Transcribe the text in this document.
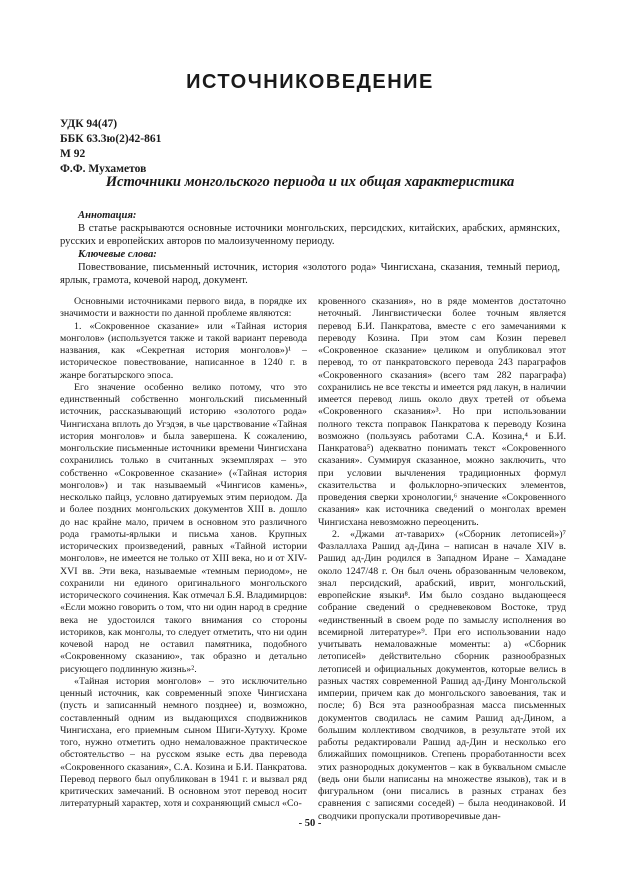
ИСТОЧНИКОВЕДЕНИЕ
УДК 94(47)
ББК 63.3ю(2)42-861
М 92
Ф.Ф. Мухаметов
Источники монгольского периода и их общая характеристика
Аннотация:
В статье раскрываются основные источники монгольских, персидских, китайских, арабских, армянских, русских и европейских авторов по малоизученному периоду.
Ключевые слова:
Повествование, письменный источник, история «золотого рода» Чингисхана, сказания, темный период, ярлык, грамота, кочевой народ, документ.

Основными источниками первого вида, в порядке их значимости и важности по данной проблеме являются:

1. «Сокровенное сказание» или «Тайная история монголов» (используется также и такой вариант перевода названия, как «Секретная история монголов»)¹ – историческое повествование, написанное в 1240 г. в жанре богатырского эпоса.

Его значение особенно велико потому, что это единственный собственно монгольский письменный источник, рассказывающий историю «золотого рода» Чингисхана вплоть до Угэдэя, в чье царствование «Тайная история монголов» и была завершена. К сожалению, монгольские письменные источники времени Чингисхана сохранились только в считанных экземплярах – это собственно «Сокровенное сказание» («Тайная история монголов») и так называемый «Чингисов камень», несколько пайцз, условно датируемых этим периодом. Да и более поздних монгольских документов XIII в. дошло до нас крайне мало, причем в основном это различного рода грамоты-ярлыки и письма ханов. Крупных исторических произведений, равных «Тайной истории монголов», не имеется не только от XIII века, но и от XIV-XVI вв. Эти века, называемые «темным периодом», не сохранили ни единого оригинального монгольского исторического сочинения. Как отмечал Б.Я. Владимирцов: «Если можно говорить о том, что ни один народ в средние века не удостоился такого внимания со стороны историков, как монголы, то следует отметить, что ни один кочевой народ не оставил памятника, подобного «Сокровенному сказанию», так образно и детально рисующего подлинную жизнь»².

«Тайная история монголов» – это исключительно ценный источник, как современный эпохе Чингисхана (пусть и записанный немного позднее) и, возможно, составленный одним из выдающихся сподвижников Чингисхана, его приемным сыном Шиги-Хутуху. Кроме того, нужно отметить одно немаловажное практическое обстоятельство – на русском языке есть два перевода «Сокровенного сказания», С.А. Козина и Б.И. Панкратова. Перевод первого был опубликован в 1941 г. и вызвал ряд критических замечаний. В основном этот перевод носит литературный характер, хотя и сохраняющий смысл «Со-

кровенного сказания», но в ряде моментов достаточно неточный. Лингвистически более точным является перевод Б.И. Панкратова, вместе с его замечаниями к переводу Козина. При этом сам Козин перевел «Сокровенное сказание» целиком и опубликовал этот перевод, то от панкратовского перевода 243 параграфов «Сокровенного сказания» (всего там 282 параграфа) сохранились не все тексты и имеется ряд лакун, в наличии имеется перевод лишь около двух третей от объема «Сокровенного сказания»³. Но при использовании полного текста поправок Панкратова к переводу Козина возможно (пользуясь работами С.А. Козина,⁴ и Б.И. Панкратова⁵) адекватно понимать текст «Сокровенного сказания». Суммируя сказанное, можно заключить, что при условии вычленения традиционных формул сказительства и фольклорно-эпических элементов, проведения сверки хронологии,⁶ значение «Сокровенного сказания» как источника сведений о монголах времен Чингисхана невозможно переоценить.

2. «Джами ат-таварих» («Сборник летописей»)⁷ Фазлаллаха Рашид ад-Дина – написан в начале XIV в. Рашид ад-Дин родился в Западном Иране – Хамадане около 1247/48 г. Он был очень образованным человеком, знал персидский, арабский, иврит, монгольский, европейские языки⁸. Им было создано выдающееся собрание сведений о средневековом Востоке, труд «единственный в своем роде по замыслу исполнения во всемирной литературе»⁹. При его использовании надо учитывать немаловажные моменты: а) «Сборник летописей» действительно сборник разнообразных летописей и официальных документов, которые велись в разных частях современной Рашид ад-Дину Монгольской империи, причем как до монгольского завоевания, так и после; б) Вся эта разнообразная масса письменных документов сводилась не самим Рашид ад-Дином, а большим коллективом сводчиков, в результате этой их работы редактировали Рашид ад-Дин и несколько его ближайших помощников. Степень проработанности всех этих разнородных документов – как в буквальном смысле (ведь они были написаны на множестве языков), так и в фигуральном (они писались в разных странах без сравнения с записями соседей) – была неодинаковой. И сводчики пропускали противоречивые дан-

- 50 -
